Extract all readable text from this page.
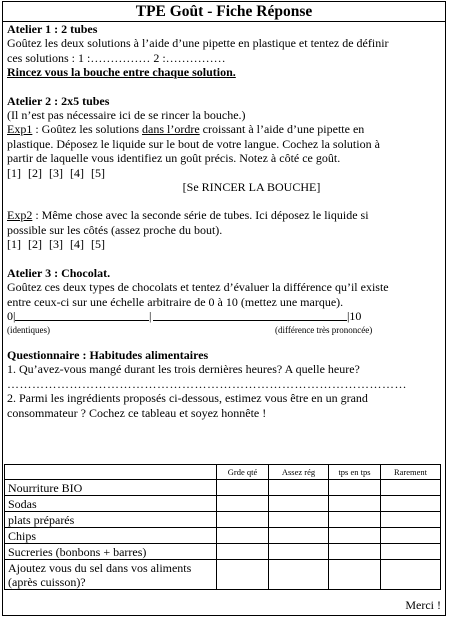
TPE Goût - Fiche Réponse

Atelier 1 : 2 tubes

Goûtez les deux solutions à l’aide d’une pipette en plastique et tentez de définir

ces solutions : 1 :…………… 2 :……………

Rincez vous la bouche entre chaque solution.

Atelier 2 : 2x5 tubes

(Il n’est pas nécessaire ici de se rincer la bouche.)

Exp1 : Goûtez les solutions dans l’ordre croissant à l’aide d’une pipette en

plastique. Déposez le liquide sur le bout de votre langue. Cochez la solution à

partir de laquelle vous identifiez un goût précis. Notez à côté ce goût.

[1] [2] [3] [4] [5]

[Se RINCER LA BOUCHE]

Exp2 : Même chose avec la seconde série de tubes. Ici déposez le liquide si

possible sur les côtés (assez proche du bout).

[1] [2] [3] [4] [5]

Atelier 3 : Chocolat.

Goûtez ces deux types de chocolats et tentez d’évaluer la différence qu’il existe

entre ceux-ci sur une échelle arbitraire de 0 à 10 (mettez une marque).

0|	|	|10
(identiques)	(différence très prononcée)

Questionnaire : Habitudes alimentaires

1. Qu’avez-vous mangé durant les trois dernières heures? A quelle heure?

……………………………………………………………………………………

2. Parmi les ingrédients proposés ci-dessous, estimez vous être en un grand

consommateur ? Cochez ce tableau et soyez honnête !

Merci !
	Grde qté	Assez rég	tps en tps	Rarement
Nourriture BIO				
Sodas				
plats préparés				
Chips				
Sucreries (bonbons + barres)				

Ajoutez vous du sel dans vos aliments
(après cuisson)?				
